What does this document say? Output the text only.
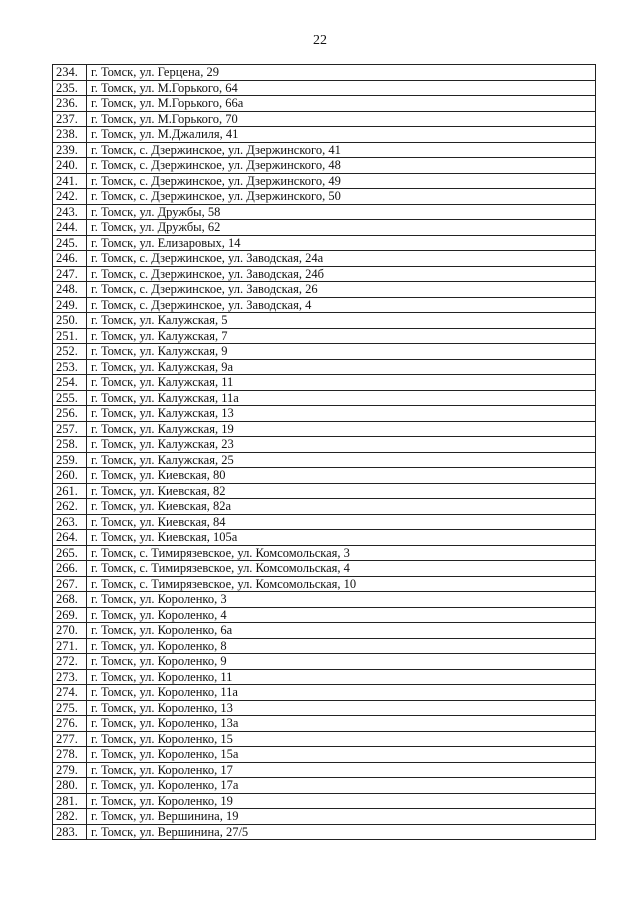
22
234.	г. Томск, ул. Герцена, 29
235.	г. Томск, ул. М.Горького, 64
236.	г. Томск, ул. М.Горького, 66а
237.	г. Томск, ул. М.Горького, 70
238.	г. Томск, ул. М.Джалиля, 41
239.	г. Томск, с. Дзержинское, ул. Дзержинского, 41
240.	г. Томск, с. Дзержинское, ул. Дзержинского, 48
241.	г. Томск, с. Дзержинское, ул. Дзержинского, 49
242.	г. Томск, с. Дзержинское, ул. Дзержинского, 50
243.	г. Томск, ул. Дружбы, 58
244.	г. Томск, ул. Дружбы, 62
245.	г. Томск, ул. Елизаровых, 14
246.	г. Томск, с. Дзержинское, ул. Заводская, 24а
247.	г. Томск, с. Дзержинское, ул. Заводская, 24б
248.	г. Томск, с. Дзержинское, ул. Заводская, 26
249.	г. Томск, с. Дзержинское, ул. Заводская, 4
250.	г. Томск, ул. Калужская, 5
251.	г. Томск, ул. Калужская, 7
252.	г. Томск, ул. Калужская, 9
253.	г. Томск, ул. Калужская, 9а
254.	г. Томск, ул. Калужская, 11
255.	г. Томск, ул. Калужская, 11а
256.	г. Томск, ул. Калужская, 13
257.	г. Томск, ул. Калужская, 19
258.	г. Томск, ул. Калужская, 23
259.	г. Томск, ул. Калужская, 25
260.	г. Томск, ул. Киевская, 80
261.	г. Томск, ул. Киевская, 82
262.	г. Томск, ул. Киевская, 82а
263.	г. Томск, ул. Киевская, 84
264.	г. Томск, ул. Киевская, 105а
265.	г. Томск, с. Тимирязевское, ул. Комсомольская, 3
266.	г. Томск, с. Тимирязевское, ул. Комсомольская, 4
267.	г. Томск, с. Тимирязевское, ул. Комсомольская, 10
268.	г. Томск, ул. Короленко, 3
269.	г. Томск, ул. Короленко, 4
270.	г. Томск, ул. Короленко, 6а
271.	г. Томск, ул. Короленко, 8
272.	г. Томск, ул. Короленко, 9
273.	г. Томск, ул. Короленко, 11
274.	г. Томск, ул. Короленко, 11а
275.	г. Томск, ул. Короленко, 13
276.	г. Томск, ул. Короленко, 13а
277.	г. Томск, ул. Короленко, 15
278.	г. Томск, ул. Короленко, 15а
279.	г. Томск, ул. Короленко, 17
280.	г. Томск, ул. Короленко, 17а
281.	г. Томск, ул. Короленко, 19
282.	г. Томск, ул. Вершинина, 19
283.	г. Томск, ул. Вершинина, 27/5
